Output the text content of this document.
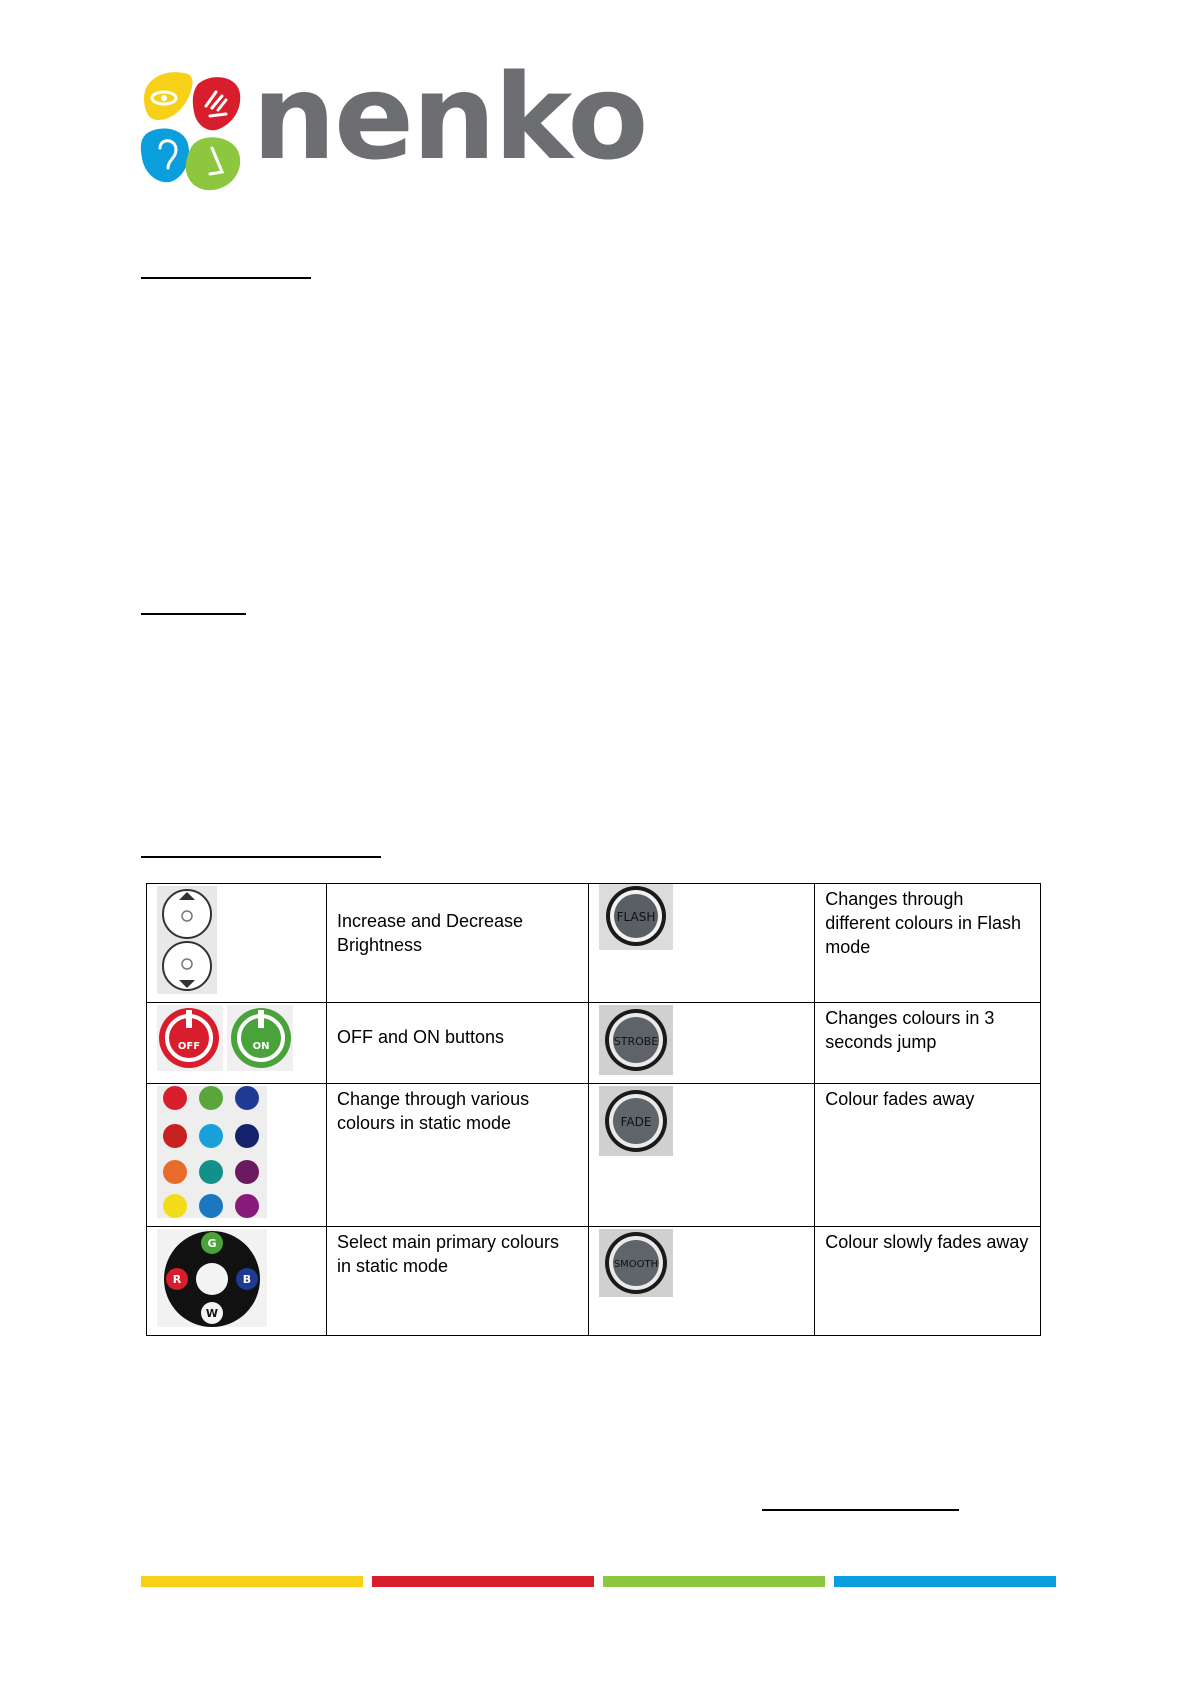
nenko
	Increase and Decrease Brightness	FLASH	Changes through different colours in Flash mode

OFF ON	OFF and ON buttons	STROBE	Changes colours in 3 seconds jump
	Change through various colours in static mode	FADE	Colour fades away

G
R B
W	Select main primary colours in static mode	SMOOTH	Colour slowly fades away
